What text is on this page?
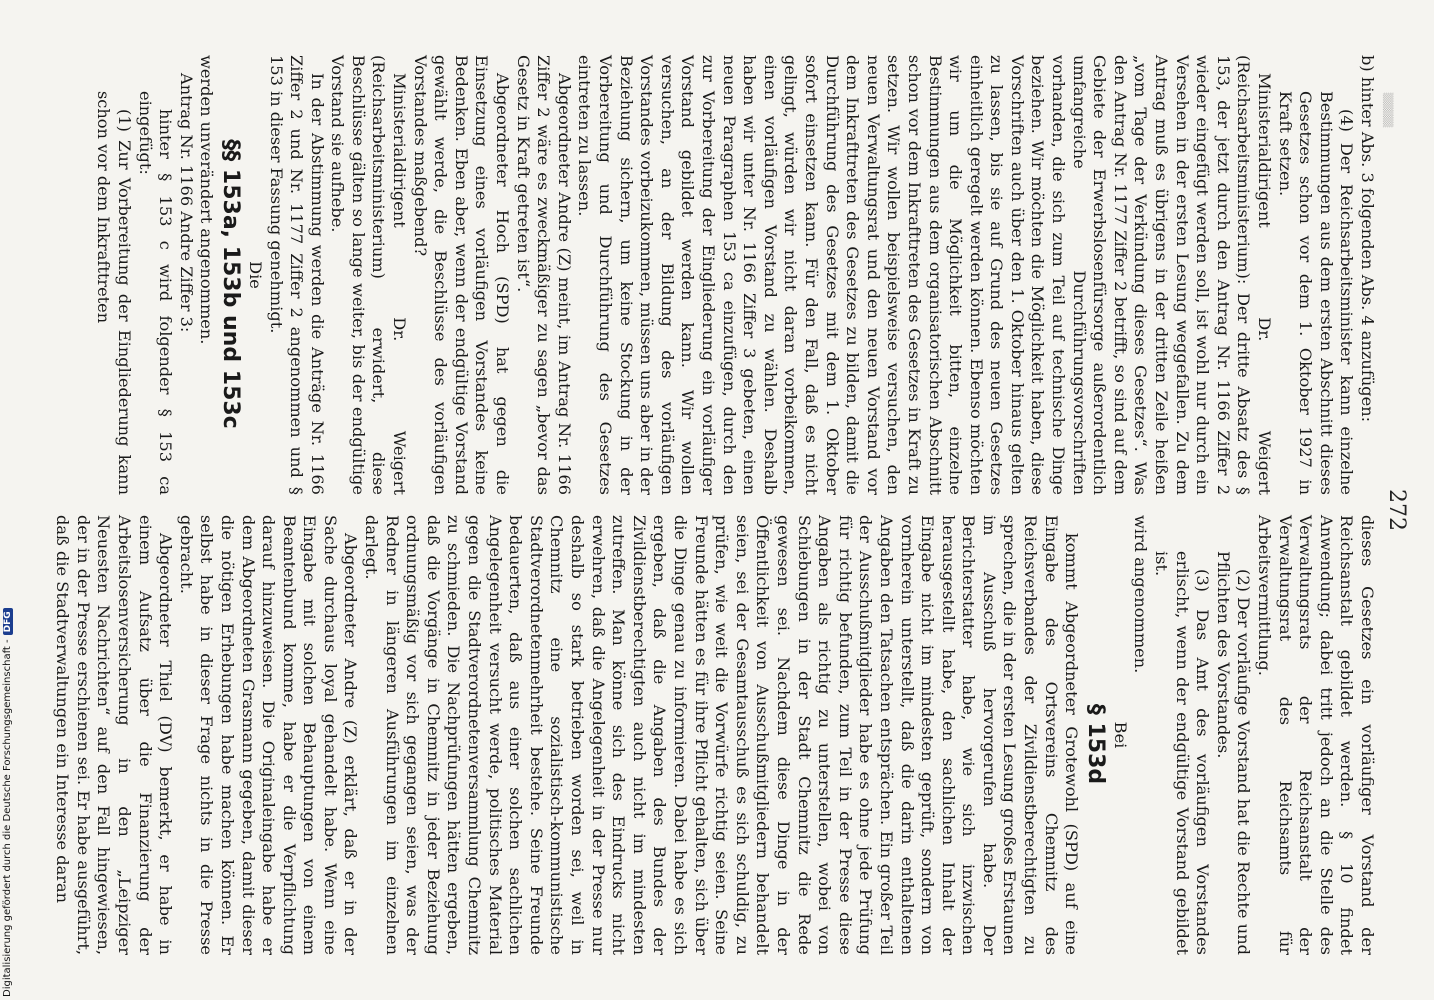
▒▒▒▒▒
272

b) hinter Abs. 3 folgenden Abs. 4 anzufügen:

(4) Der Reichsarbeitsminister kann einzelne Bestimmungen aus dem ersten Abschnitt dieses Gesetzes schon vor dem 1. Oktober 1927 in Kraft setzen.

Ministerialdirigent Dr. Weigert (Reichsarbeitsministerium): Der dritte Absatz des § 153, der jetzt durch den Antrag Nr. 1166 Ziffer 2 wieder eingefügt werden soll, ist wohl nur durch ein Versehen in der ersten Lesung weggefallen. Zu dem Antrag muß es übrigens in der dritten Zeile heißen „vom Tage der Verkündung dieses Gesetzes“. Was den Antrag Nr. 1177 Ziffer 2 betrifft, so sind auf dem Gebiete der Erwerbslosenfürsorge außerordentlich umfangreiche Durchführungsvorschriften vorhanden, die sich zum Teil auf technische Dinge beziehen. Wir möchten die Möglichkeit haben, diese Vorschriften auch über den 1. Oktober hinaus gelten zu lassen, bis sie auf Grund des neuen Gesetzes einheitlich geregelt werden können. Ebenso möchten wir um die Möglichkeit bitten, einzelne Bestimmungen aus dem organisatorischen Abschnitt schon vor dem Inkrafttreten des Gesetzes in Kraft zu setzen. Wir wollen beispielsweise versuchen, den neuen Verwaltungsrat und den neuen Vorstand vor dem Inkrafttreten des Gesetzes zu bilden, damit die Durchführung des Gesetzes mit dem 1. Oktober sofort einsetzen kann. Für den Fall, daß es nicht gelingt, würden wir nicht daran vorbeikommen, einen vorläufigen Vorstand zu wählen. Deshalb haben wir unter Nr. 1166 Ziffer 3 gebeten, einen neuen Paragraphen 153 ca einzufügen, durch den zur Vorbereitung der Eingliederung ein vorläufiger Vorstand gebildet werden kann. Wir wollen versuchen, an der Bildung des vorläufigen Vorstandes vorbeizukommen, müssen uns aber in der Beziehung sichern, um keine Stockung in der Vorbereitung und Durchführung des Gesetzes eintreten zu lassen.

Abgeordneter Andre (Z) meint, im Antrag Nr. 1166 Ziffer 2 wäre es zweckmäßiger zu sagen „bevor das Gesetz in Kraft getreten ist“.

Abgeordneter Hoch (SPD) hat gegen die Einsetzung eines vorläufigen Vorstandes keine Bedenken. Eben aber, wenn der endgültige Vorstand gewählt werde, die Beschlüsse des vorläufigen Vorstandes maßgebend?

Ministerialdirigent Dr. Weigert (Reichsarbeitsministerium) erwidert, diese Beschlüsse gälten so lange weiter, bis der endgültige Vorstand sie aufhebe.

In der Abstimmung werden die Anträge Nr. 1166 Ziffer 2 und Nr. 1177 Ziffer 2 angenommen und § 153 in dieser Fassung genehmigt.

Die

§§ 153a, 153b und 153c

werden unverändert angenommen.

Antrag Nr. 1166 Andre Ziffer 3:

hinter § 153 c wird folgender § 153 ca eingefügt:

(1) Zur Vorbereitung der Eingliederung kann schon vor dem Inkrafttreten

dieses Gesetzes ein vorläufiger Vorstand der Reichsanstalt gebildet werden. § 10 findet Anwendung; dabei tritt jedoch an die Stelle des Verwaltungsrats der Reichsanstalt der Verwaltungsrat des Reichsamts für Arbeitsvermittlung.

(2) Der vorläufige Vorstand hat die Rechte und Pflichten des Vorstandes.

(3) Das Amt des vorläufigen Vorstandes erlischt, wenn der endgültige Vorstand gebildet ist.

wird angenommen.

Bei

§ 153d

kommt Abgeordneter Grotewohl (SPD) auf eine Eingabe des Ortsvereins Chemnitz des Reichsverbandes der Zivildienstberechtigten zu sprechen, die in der ersten Lesung großes Erstaunen im Ausschuß hervorgerufen habe. Der Berichterstatter habe, wie sich inzwischen herausgestellt habe, den sachlichen Inhalt der Eingabe nicht im mindesten geprüft, sondern von vornherein unterstellt, daß die darin enthaltenen Angaben den Tatsachen entsprächen. Ein großer Teil der Ausschußmitglieder habe es ohne jede Prüfung für richtig befunden, zum Teil in der Presse diese Angaben als richtig zu unterstellen, wobei von Schiebungen in der Stadt Chemnitz die Rede gewesen sei. Nachdem diese Dinge in der Öffentlichkeit von Ausschußmitgliedern behandelt seien, sei der Gesamtausschuß es sich schuldig, zu prüfen, wie weit die Vorwürfe richtig seien. Seine Freunde hätten es für ihre Pflicht gehalten, sich über die Dinge genau zu informieren. Dabei habe es sich ergeben, daß die Angaben des Bundes der Zivildienstberechtigten auch nicht im mindesten zutreffen. Man könne sich des Eindrucks nicht erwehren, daß die Angelegenheit in der Presse nur deshalb so stark betrieben worden sei, weil in Chemnitz eine sozialistisch-kommunistische Stadtverordnetenmehrheit bestehe. Seine Freunde bedauerten, daß aus einer solchen sachlichen Angelegenheit versucht werde, politisches Material gegen die Stadtverordnetenversammlung Chemnitz zu schmieden. Die Nachprüfungen hätten ergeben, daß die Vorgänge in Chemnitz in jeder Beziehung ordnungsmäßig vor sich gegangen seien, was der Redner in längeren Ausführungen im einzelnen darlegt.

Abgeordneter Andre (Z) erklärt, daß er in der Sache durchaus loyal gehandelt habe. Wenn eine Eingabe mit solchen Behauptungen von einem Beamtenbund komme, habe er die Verpflichtung darauf hinzuweisen. Die Originaleingabe habe er dem Abgeordneten Grasmann gegeben, damit dieser die nötigen Erhebungen habe machen können. Er selbst habe in dieser Frage nichts in die Presse gebracht.

Abgeordneter Thiel (DV) bemerkt, er habe in einem Aufsatz über die Finanzierung der Arbeitslosenversicherung in den „Leipziger Neuesten Nachrichten“ auf den Fall hingewiesen, der in der Presse erschienen sei. Er habe ausgeführt, daß die Stadtverwaltungen ein Interesse daran

Digitalisierung gefördert durch die Deutsche Forschungsgemeinschaft -DFG
